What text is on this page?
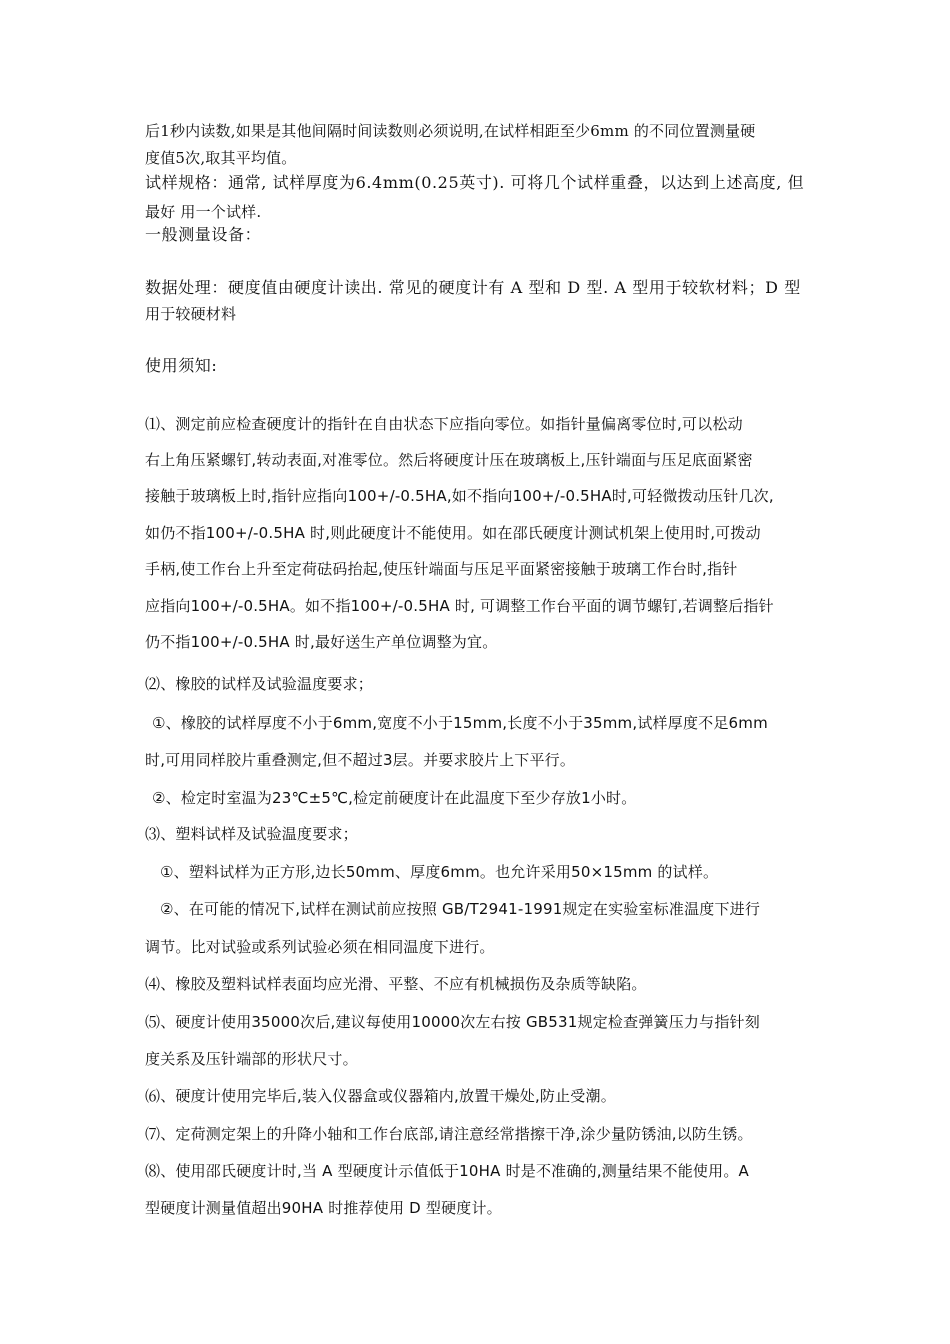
后1秒内读数,如果是其他间隔时间读数则必须说明,在试样相距至少6mm 的不同位置测量硬
度值5次,取其平均值。
试样规格：通常, 试样厚度为6.4mm(0.25英寸). 可将几个试样重叠，以达到上述高度, 但
最好 用一个试样.
一般测量设备：
数据处理：硬度值由硬度计读出. 常见的硬度计有 A 型和 D 型. A 型用于较软材料；D 型
用于较硬材料
使用须知:
⑴、测定前应检查硬度计的指针在自由状态下应指向零位。如指针量偏离零位时,可以松动
右上角压紧螺钉,转动表面,对准零位。然后将硬度计压在玻璃板上,压针端面与压足底面紧密
接触于玻璃板上时,指针应指向100+/-0.5HA,如不指向100+/-0.5HA时,可轻微拨动压针几次,
如仍不指100+/-0.5HA 时,则此硬度计不能使用。如在邵氏硬度计测试机架上使用时,可拨动
手柄,使工作台上升至定荷砝码抬起,使压针端面与压足平面紧密接触于玻璃工作台时,指针
应指向100+/-0.5HA。如不指100+/-0.5HA 时, 可调整工作台平面的调节螺钉,若调整后指针
仍不指100+/-0.5HA 时,最好送生产单位调整为宜。
⑵、橡胶的试样及试验温度要求；
①、橡胶的试样厚度不小于6mm,宽度不小于15mm,长度不小于35mm,试样厚度不足6mm
时,可用同样胶片重叠测定,但不超过3层。并要求胶片上下平行。
②、检定时室温为23℃±5℃,检定前硬度计在此温度下至少存放1小时。
⑶、塑料试样及试验温度要求；
①、塑料试样为正方形,边长50mm、厚度6mm。也允许采用50×15mm 的试样。
②、在可能的情况下,试样在测试前应按照 GB/T2941-1991规定在实验室标准温度下进行
调节。比对试验或系列试验必须在相同温度下进行。
⑷、橡胶及塑料试样表面均应光滑、平整、不应有机械损伤及杂质等缺陷。
⑸、硬度计使用35000次后,建议每使用10000次左右按 GB531规定检查弹簧压力与指针刻
度关系及压针端部的形状尺寸。
⑹、硬度计使用完毕后,装入仪器盒或仪器箱内,放置干燥处,防止受潮。
⑺、定荷测定架上的升降小轴和工作台底部,请注意经常揩擦干净,涂少量防锈油,以防生锈。
⑻、使用邵氏硬度计时,当 A 型硬度计示值低于10HA 时是不准确的,测量结果不能使用。A
型硬度计测量值超出90HA 时推荐使用 D 型硬度计。
